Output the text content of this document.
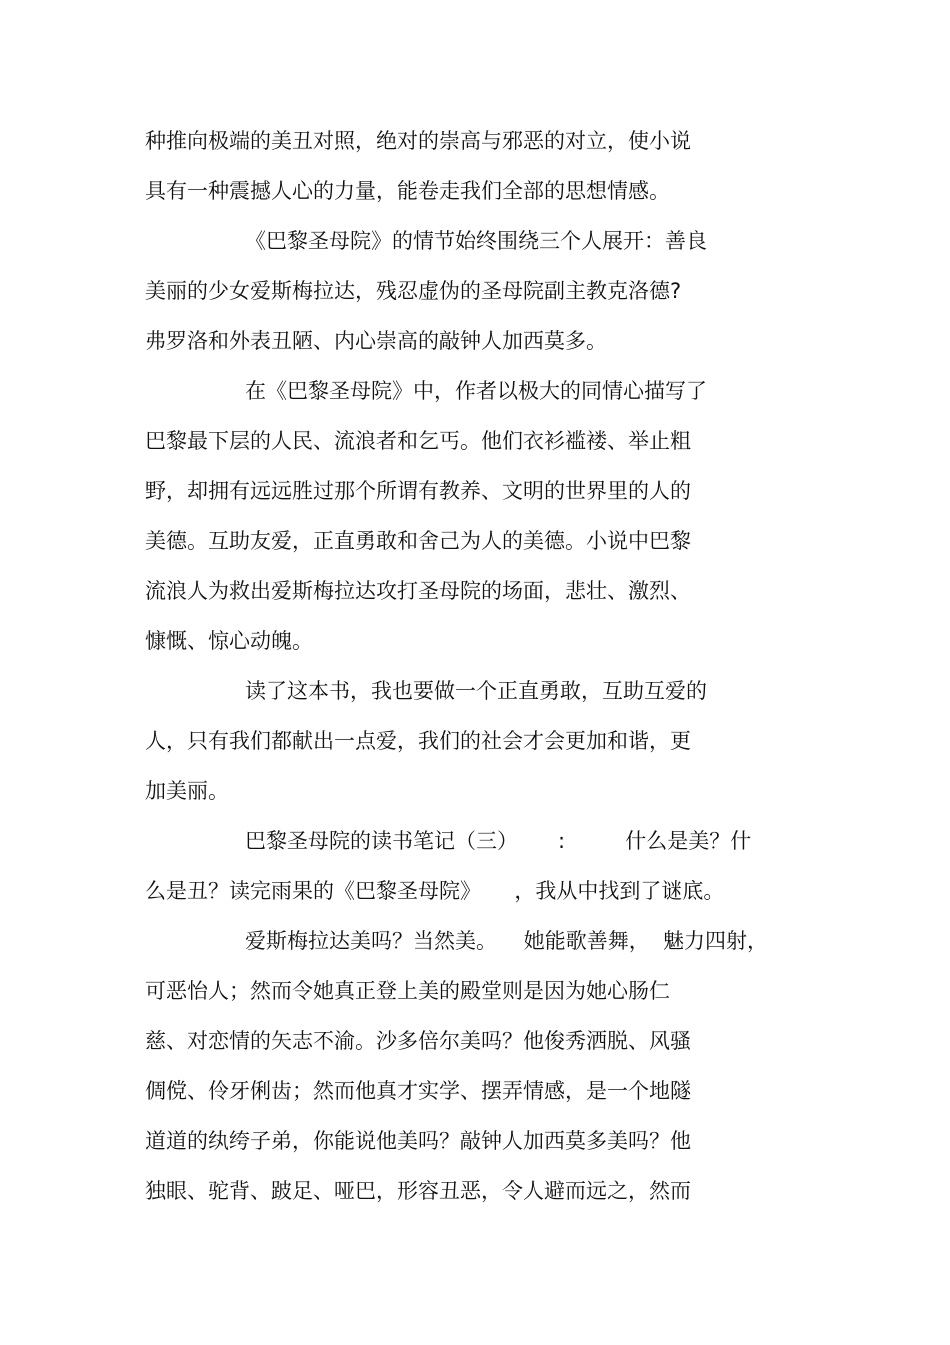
种推向极端的美丑对照，绝对的崇高与邪恶的对立，使小说
具有一种震撼人心的力量，能卷走我们全部的思想情感。
《巴黎圣母院》的情节始终围绕三个人展开：善良
美丽的少女爱斯梅拉达，残忍虚伪的圣母院副主教克洛德?
弗罗洛和外表丑陋、内心崇高的敲钟人加西莫多。
在《巴黎圣母院》中，作者以极大的同情心描写了
巴黎最下层的人民、流浪者和乞丐。他们衣衫褴褛、举止粗
野，却拥有远远胜过那个所谓有教养、文明的世界里的人的
美德。互助友爱，正直勇敢和舍己为人的美德。小说中巴黎
流浪人为救出爱斯梅拉达攻打圣母院的场面，悲壮、激烈、
慷慨、惊心动魄。
读了这本书，我也要做一个正直勇敢，互助互爱的
人，只有我们都献出一点爱，我们的社会才会更加和谐，更
加美丽。
巴黎圣母院的读书笔记（三）      :         什么是美？什
么是丑？读完雨果的《巴黎圣母院》     ，我从中找到了谜底。
爱斯梅拉达美吗？当然美。    她能歌善舞，  魅力四射，
可恶怡人；然而令她真正登上美的殿堂则是因为她心肠仁
慈、对恋情的矢志不渝。沙多倍尔美吗？他俊秀洒脱、风骚
倜傥、伶牙俐齿；然而他真才实学、摆弄情感，是一个地隧
道道的纨绔子弟，你能说他美吗？敲钟人加西莫多美吗？他
独眼、驼背、跛足、哑巴，形容丑恶，令人避而远之，然而
